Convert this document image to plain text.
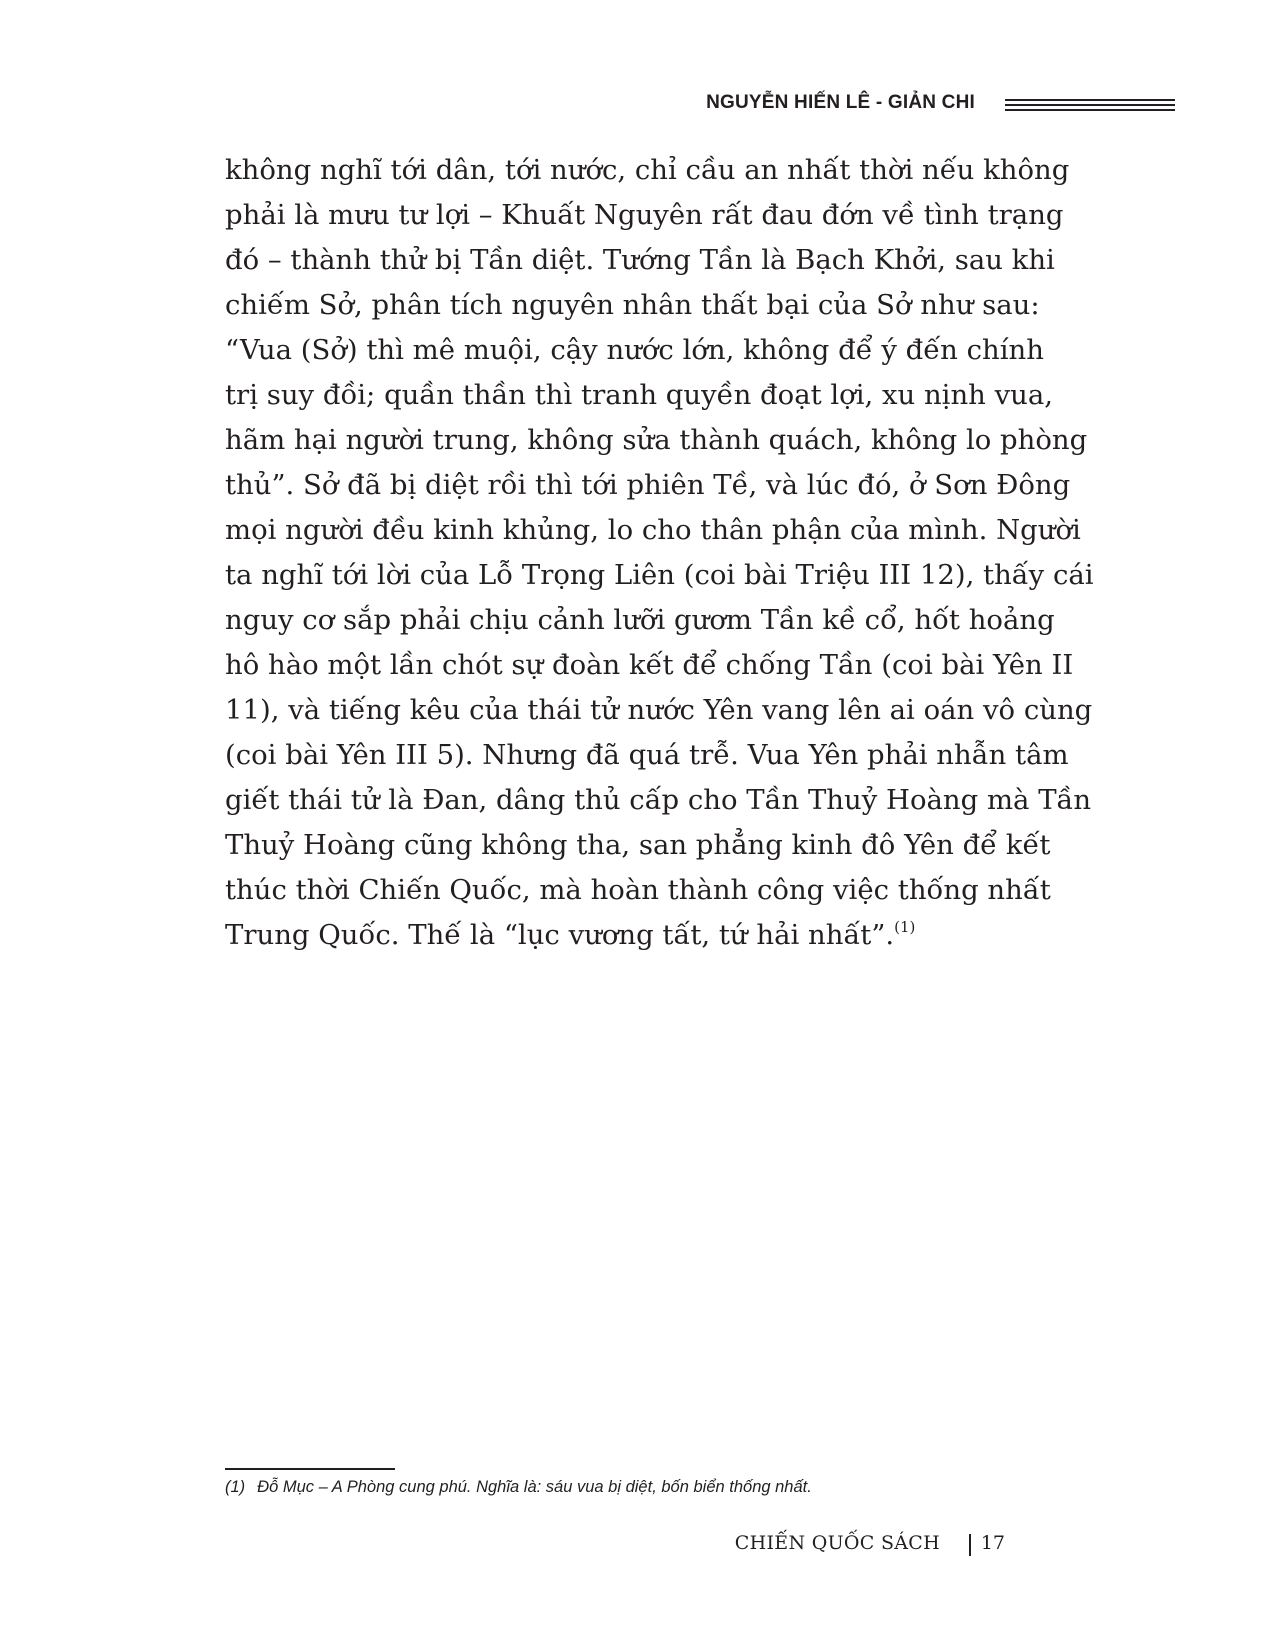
NGUYỄN HIẾN LÊ - GIẢN CHI
không nghĩ tới dân, tới nước, chỉ cầu an nhất thời nếu không
phải là mưu tư lợi – Khuất Nguyên rất đau đớn về tình trạng
đó – thành thử bị Tần diệt. Tướng Tần là Bạch Khởi, sau khi
chiếm Sở, phân tích nguyên nhân thất bại của Sở như sau:
“Vua (Sở) thì mê muội, cậy nước lớn, không để ý đến chính
trị suy đồi; quần thần thì tranh quyền đoạt lợi, xu nịnh vua,
hãm hại người trung, không sửa thành quách, không lo phòng
thủ”. Sở đã bị diệt rồi thì tới phiên Tề, và lúc đó, ở Sơn Đông
mọi người đều kinh khủng, lo cho thân phận của mình. Người
ta nghĩ tới lời của Lỗ Trọng Liên (coi bài Triệu III 12), thấy cái
nguy cơ sắp phải chịu cảnh lưỡi gươm Tần kề cổ, hốt hoảng
hô hào một lần chót sự đoàn kết để chống Tần (coi bài Yên II
11), và tiếng kêu của thái tử nước Yên vang lên ai oán vô cùng
(coi bài Yên III 5). Nhưng đã quá trễ. Vua Yên phải nhẫn tâm
giết thái tử là Đan, dâng thủ cấp cho Tần Thuỷ Hoàng mà Tần
Thuỷ Hoàng cũng không tha, san phẳng kinh đô Yên để kết
thúc thời Chiến Quốc, mà hoàn thành công việc thống nhất
Trung Quốc. Thế là “lục vương tất, tứ hải nhất”.$^{(1)}$
(1) Đỗ Mục – A Phòng cung phú. Nghĩa là: sáu vua bị diệt, bốn biển thống nhất.
CHIẾN QUỐC SÁCH 17
